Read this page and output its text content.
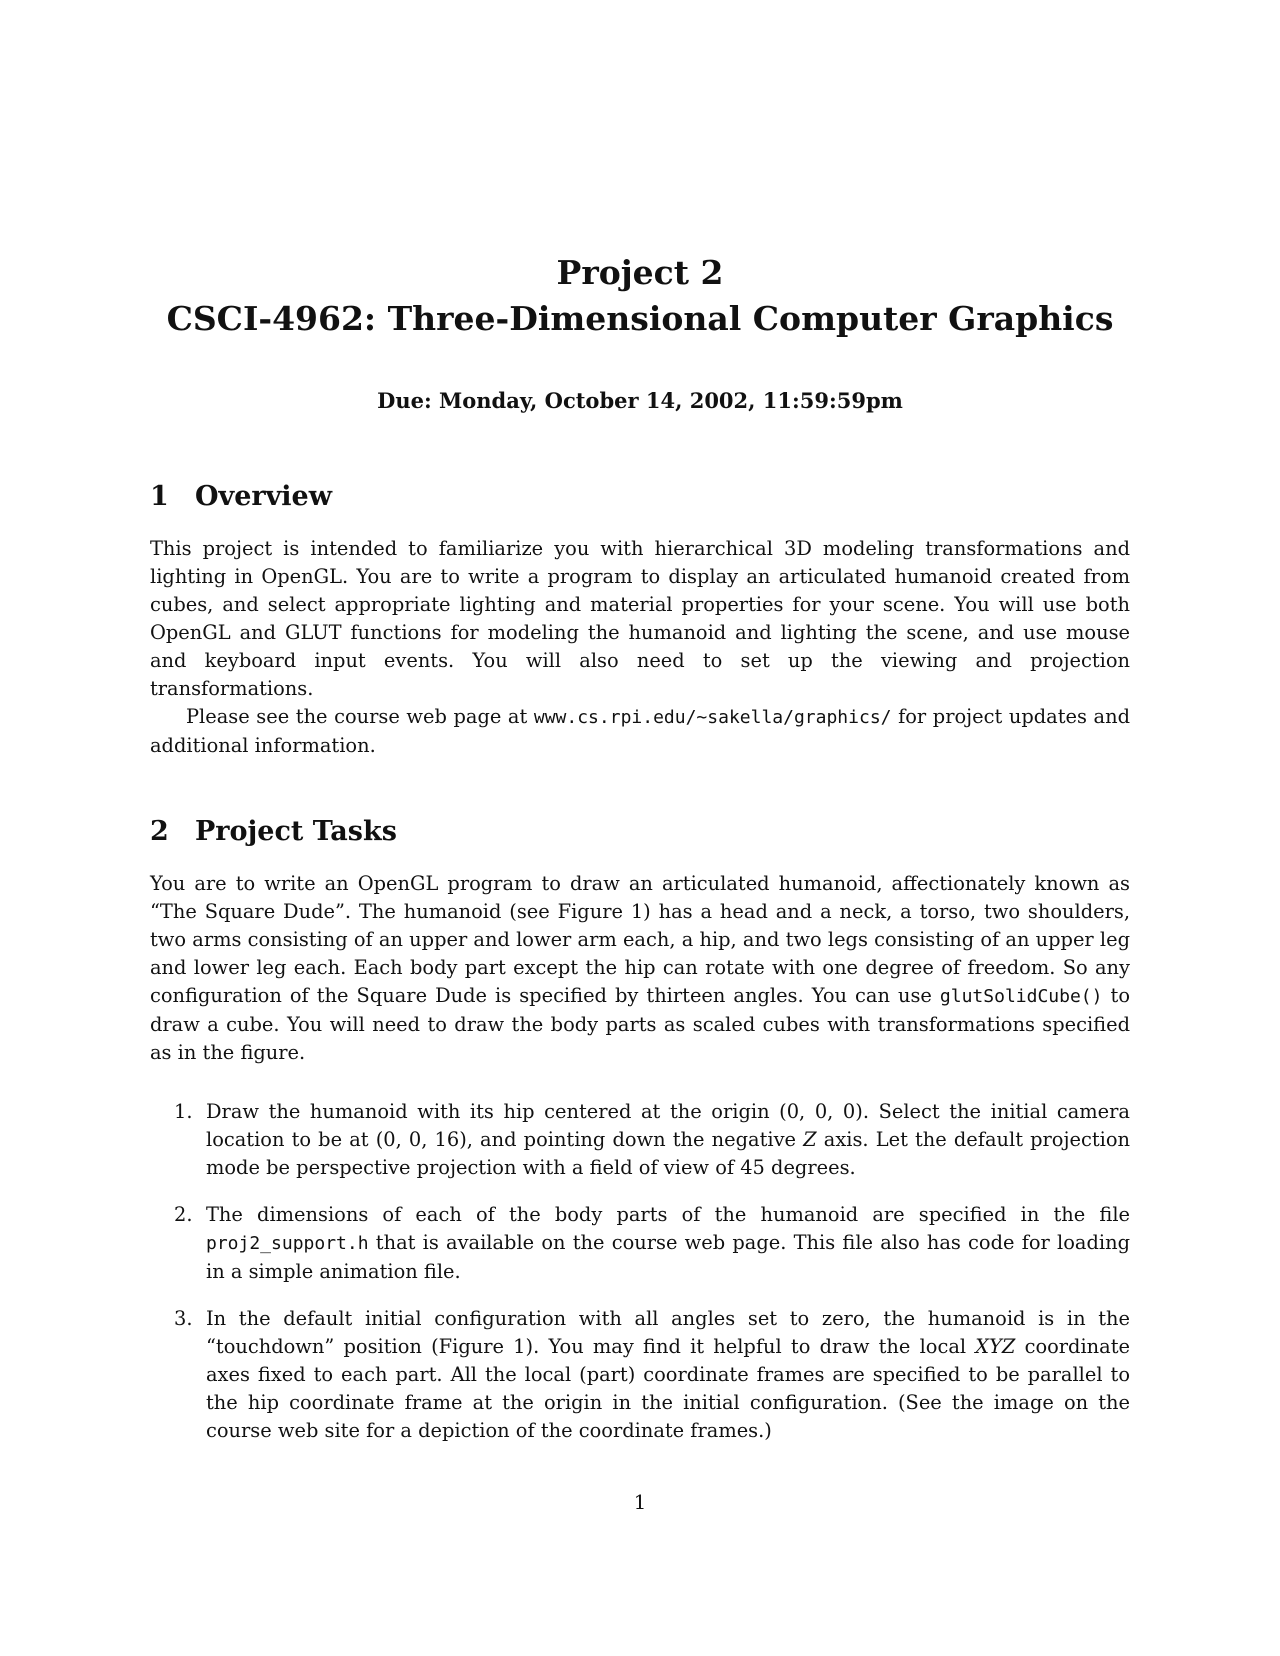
Project 2
CSCI-4962: Three-Dimensional Computer Graphics
Due: Monday, October 14, 2002, 11:59:59pm
1 Overview

This project is intended to familiarize you with hierarchical 3D modeling transformations and lighting in OpenGL. You are to write a program to display an articulated humanoid created from cubes, and select appropriate lighting and material properties for your scene. You will use both OpenGL and GLUT functions for modeling the humanoid and lighting the scene, and use mouse and keyboard input events. You will also need to set up the viewing and projection transformations.

Please see the course web page at www.cs.rpi.edu/~sakella/graphics/ for project updates and additional information.

2 Project Tasks

You are to write an OpenGL program to draw an articulated humanoid, affectionately known as “The Square Dude”. The humanoid (see Figure 1) has a head and a neck, a torso, two shoulders, two arms consisting of an upper and lower arm each, a hip, and two legs consisting of an upper leg and lower leg each. Each body part except the hip can rotate with one degree of freedom. So any configuration of the Square Dude is specified by thirteen angles. You can use glutSolidCube() to draw a cube. You will need to draw the body parts as scaled cubes with transformations specified as in the figure.

1. Draw the humanoid with its hip centered at the origin (0, 0, 0). Select the initial camera location to be at (0, 0, 16), and pointing down the negative Z axis. Let the default projection mode be perspective projection with a field of view of 45 degrees.
2. The dimensions of each of the body parts of the humanoid are specified in the file proj2_support.h that is available on the course web page. This file also has code for loading in a simple animation file.
3. In the default initial configuration with all angles set to zero, the humanoid is in the “touchdown” position (Figure 1). You may find it helpful to draw the local XYZ coordinate axes fixed to each part. All the local (part) coordinate frames are specified to be parallel to the hip coordinate frame at the origin in the initial configuration. (See the image on the course web site for a depiction of the coordinate frames.)
1
